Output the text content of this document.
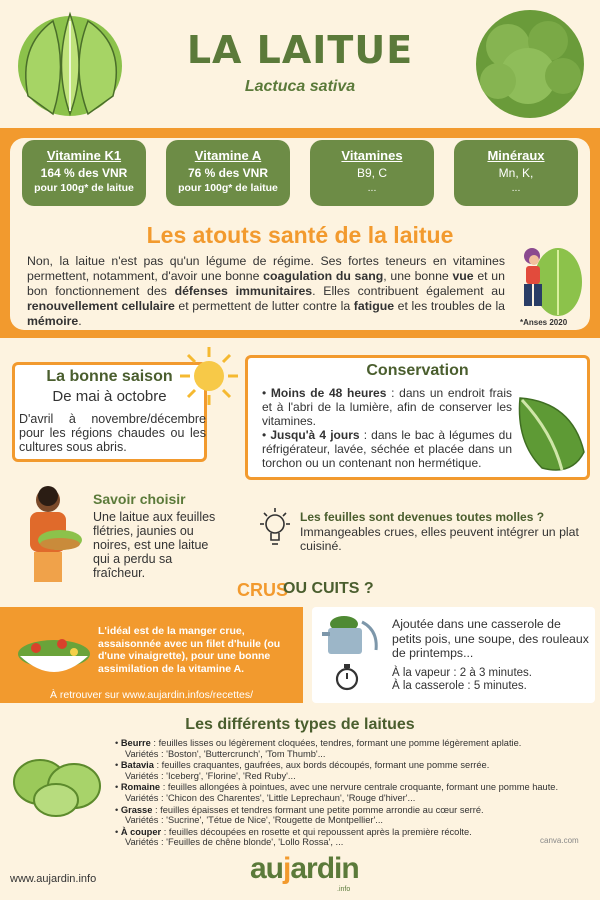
LA LAITUE
Lactuca sativa
Vitamine K1
164 % des VNR
pour 100g* de laitue
Vitamine A
76 % des VNR
pour 100g* de laitue
Vitamines
B9, C
...
Minéraux
Mn, K,
...
Les atouts santé de la laitue
Non, la laitue n'est pas qu'un légume de régime. Ses fortes teneurs en vitamines permettent, notamment, d'avoir une bonne coagulation du sang, une bonne vue et un bon fonctionnement des défenses immunitaires. Elles contribuent également au renouvellement cellulaire et permettent de lutter contre la fatigue et les troubles de la mémoire.	*Anses 2020
La bonne saison
De mai à octobre
D'avril à novembre/décembre pour les régions chaudes ou les cultures sous abris.
Conservation
• Moins de 48 heures : dans un endroit frais et à l'abri de la lumière, afin de conserver les vitamines.
• Jusqu'à 4 jours : dans le bac à légumes du réfrigérateur, lavée, séchée et placée dans un torchon ou un contenant non hermétique.
Savoir choisir
Une laitue aux feuilles flétries, jaunies ou noires, est une laitue qui a perdu sa fraîcheur.
Les feuilles sont devenues toutes molles ?
Immangeables crues, elles peuvent intégrer un plat cuisiné.
CRUS
OU CUITS ?
L'idéal est de la manger crue, assaisonnée avec un filet d'huile (ou d'une vinaigrette), pour une bonne assimilation de la vitamine A.
À retrouver sur www.aujardin.infos/recettes/
Ajoutée dans une casserole de petits pois, une soupe, des rouleaux de printemps...
À la vapeur : 2 à 3 minutes.
À la casserole : 5 minutes.
Les différents types de laitues
• Beurre : feuilles lisses ou légèrement cloquées, tendres, formant une pomme légèrement aplatie.
Variétés : 'Boston', 'Buttercrunch', 'Tom Thumb'...
• Batavia : feuilles craquantes, gaufrées, aux bords découpés, formant une pomme serrée.
Variétés : 'Iceberg', 'Florine', 'Red Ruby'...
• Romaine : feuilles allongées à pointues, avec une nervure centrale croquante, formant une pomme haute.
Variétés : 'Chicon des Charentes', 'Little Leprechaun', 'Rouge d'hiver'...
• Grasse : feuilles épaisses et tendres formant une petite pomme arrondie au cœur serré.
Variétés : 'Sucrine', 'Tétue de Nice', 'Rougette de Montpellier'...
• À couper : feuilles découpées en rosette et qui repoussent après la première récolte.
Variétés : 'Feuilles de chêne blonde', 'Lollo Rossa', ...	canva.com
www.aujardin.info	aujardin
.info
